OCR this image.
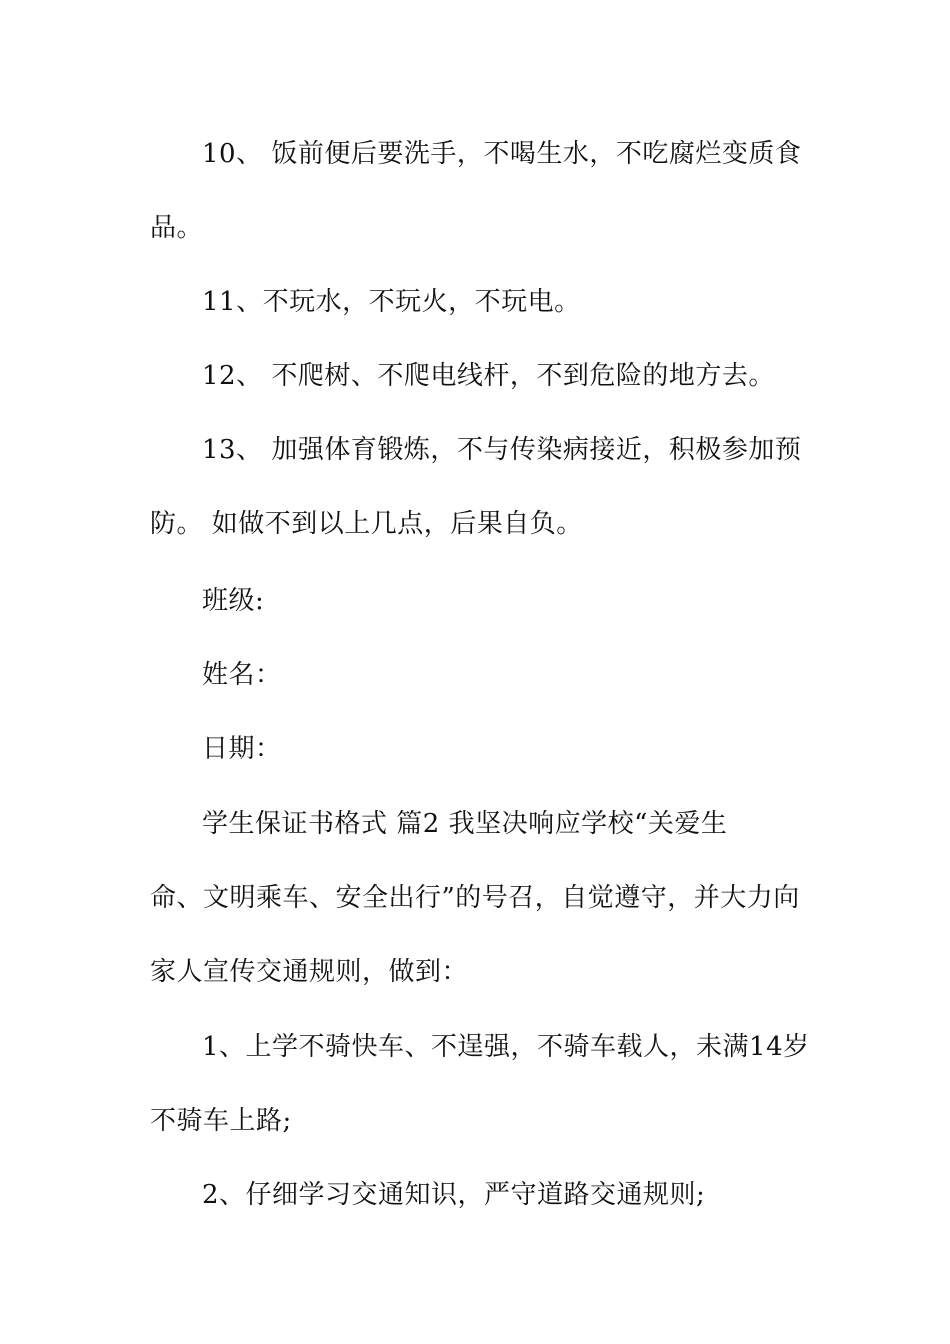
10、 饭前便后要洗手，不喝生水，不吃腐烂变质食
品。
11、不玩水，不玩火，不玩电。
12、 不爬树、不爬电线杆，不到危险的地方去。
13、 加强体育锻炼，不与传染病接近，积极参加预
防。 如做不到以上几点，后果自负。
班级:
姓名：
日期：
学生保证书格式 篇2 我坚决响应学校“关爱生
命、文明乘车、安全出行”的号召，自觉遵守，并大力向
家人宣传交通规则，做到：
1、上学不骑快车、不逞强，不骑车载人，未满14岁
不骑车上路;
2、仔细学习交通知识，严守道路交通规则;
